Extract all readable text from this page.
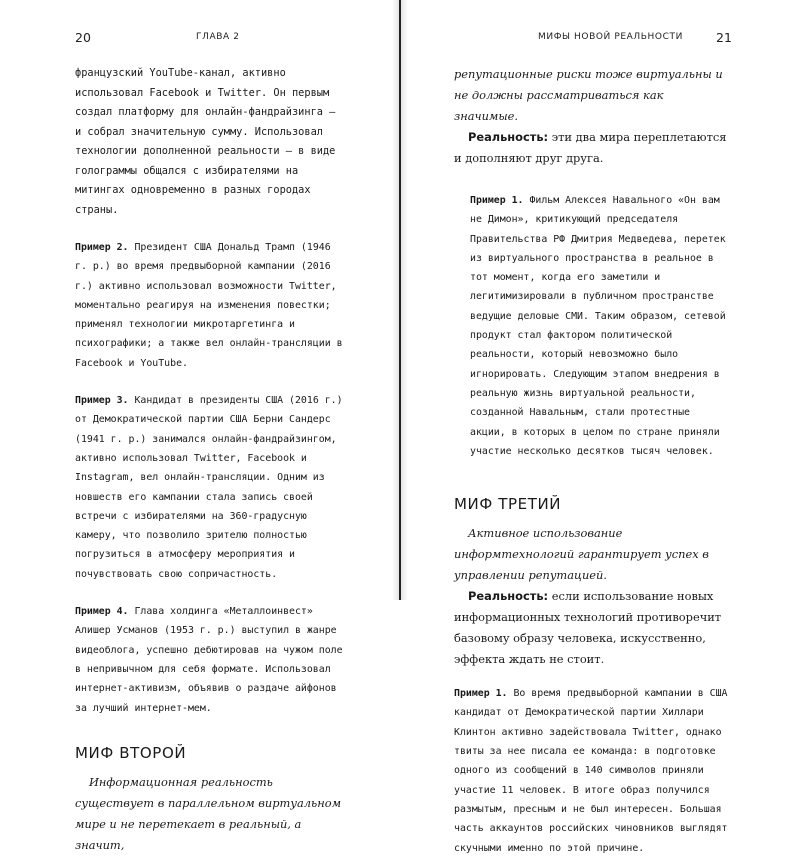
20	ГЛАВА 2

французский YouTube-канал, активно использовал Facebook и Twitter. Он первым создал платформу для онлайн-фандрайзинга – и собрал значительную сумму. Использовал технологии дополненной реальности – в виде голограммы общался с избирателями на митингах одновременно в разных городах страны.

Пример 2. Президент США Дональд Трамп (1946 г. р.) во время предвыборной кампании (2016 г.) активно использовал возможности Twitter, моментально реагируя на изменения повестки; применял технологии микротаргетинга и психографики; а также вел онлайн-трансляции в Facebook и YouTube.

Пример 3. Кандидат в президенты США (2016 г.) от Демократической партии США Берни Сандерс (1941 г. р.) занимался онлайн-фандрайзингом, активно использовал Twitter, Facebook и Instagram, вел онлайн-трансляции. Одним из новшеств его кампании стала запись своей встречи с избирателями на 360-градусную камеру, что позволило зрителю полностью погрузиться в атмосферу мероприятия и почувствовать свою сопричастность.

Пример 4. Глава холдинга «Металлоинвест» Алишер Усманов (1953 г. р.) выступил в жанре видеоблога, успешно дебютировав на чужом поле в непривычном для себя формате. Использовал интернет-активизм, объявив о раздаче айфонов за лучший интернет-мем.

МИФ ВТОРОЙ

Информационная реальность существует в параллельном виртуальном мире и не перетекает в реальный, а значит,

МИФЫ НОВОЙ РЕАЛЬНОСТИ	21

репутационные риски тоже виртуальны и не должны рассматриваться как значимые.

Реальность: эти два мира переплетаются и дополняют друг друга.

Пример 1. Фильм Алексея Навального «Он вам не Димон», критикующий председателя Правительства РФ Дмитрия Медведева, перетек из виртуального пространства в реальное в тот момент, когда его заметили и легитимизировали в публичном пространстве ведущие деловые СМИ. Таким образом, сетевой продукт стал фактором политической реальности, который невозможно было игнорировать. Следующим этапом внедрения в реальную жизнь виртуальной реальности, созданной Навальным, стали протестные акции, в которых в целом по стране приняли участие несколько десятков тысяч человек.

МИФ ТРЕТИЙ

Активное использование информтехнологий гарантирует успех в управлении репутацией.

Реальность: если использование новых информационных технологий противоречит базовому образу человека, искусственно, эффекта ждать не стоит.

Пример 1. Во время предвыборной кампании в США кандидат от Демократической партии Хиллари Клинтон активно задействовала Twitter, однако твиты за нее писала ее команда: в подготовке одного из сообщений в 140 символов приняли участие 11 человек. В итоге образ получился размытым, пресным и не был интересен. Большая часть аккаунтов российских чиновников выглядят скучными именно по этой причине.
